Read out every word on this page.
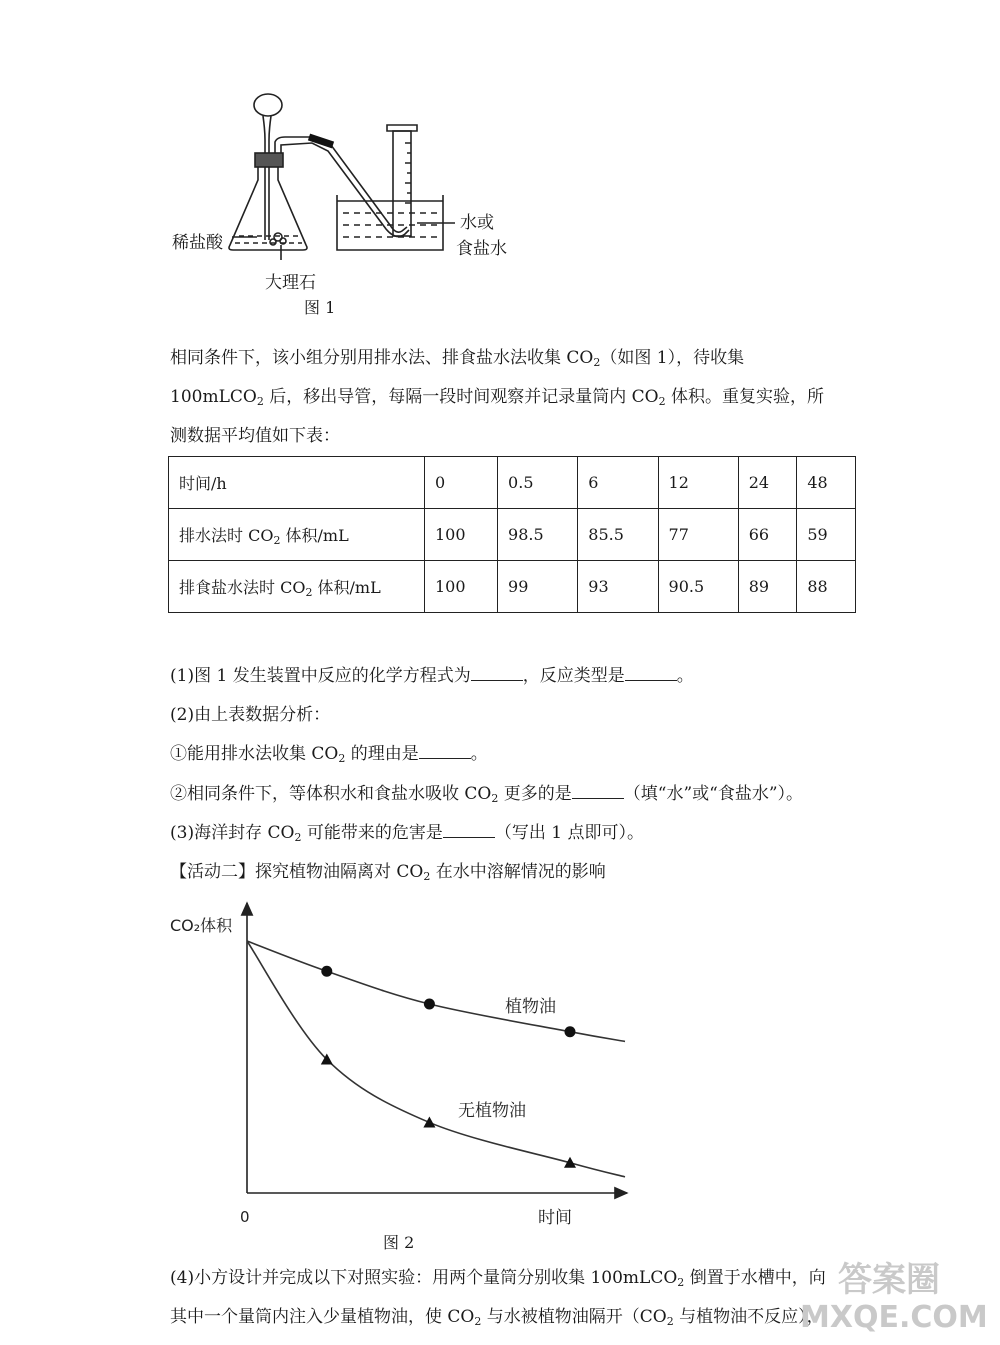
稀盐酸
大理石
水或
食盐水
图 1
相同条件下，该小组分别用排水法、排食盐水法收集 $CO_2$（如图 1），待收集
100mLCO$_2$ 后，移出导管，每隔一段时间观察并记录量筒内 $CO_2$ 体积。重复实验，所
测数据平均值如下表：
时间/h	0	0.5	6	12	24	48
排水法时 $CO_2$ 体积/mL	100	98.5	85.5	77	66	59
排食盐水法时 $CO_2$ 体积/mL	100	99	93	90.5	89	88
(1)图 1 发生装置中反应的化学方程式为	，反应类型是	。
(2)由上表数据分析：
①能用排水法收集 $CO_2$ 的理由是	。
②相同条件下，等体积水和食盐水吸收 $CO_2$ 更多的是	（填“水”或“食盐水”）。
(3)海洋封存 $CO_2$ 可能带来的危害是	（写出 1 点即可）。
【活动二】探究植物油隔离对 $CO_2$ 在水中溶解情况的影响
CO₂体积
时间
0
植物油
无植物油
图 2
(4)小方设计并完成以下对照实验：用两个量筒分别收集 100mLCO$_2$ 倒置于水槽中，向
其中一个量筒内注入少量植物油，使 $CO_2$ 与水被植物油隔开（$CO_2$ 与植物油不反应），
答案圈
MXQE.COM
